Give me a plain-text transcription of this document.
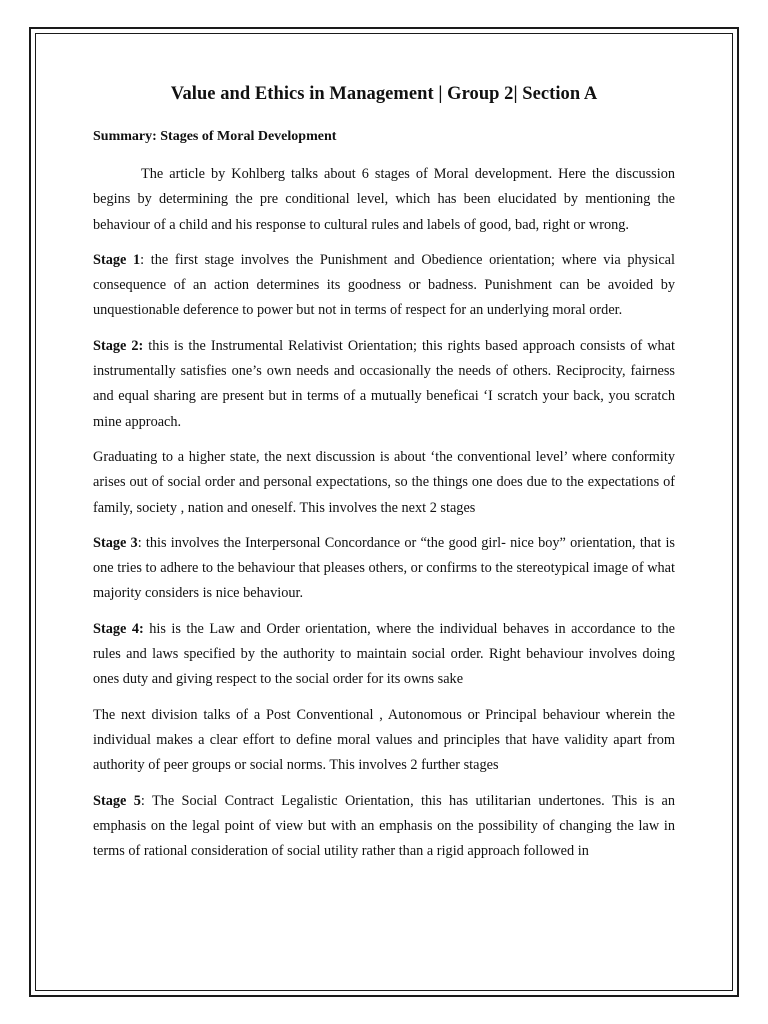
Value and Ethics in Management | Group 2| Section A
Summary: Stages of Moral Development

The article by Kohlberg talks about 6 stages of Moral development. Here the discussion begins by determining the pre conditional level, which has been elucidated by mentioning the behaviour of a child and his response to cultural rules and labels of good, bad, right or wrong.

Stage 1: the first stage involves the Punishment and Obedience orientation; where via physical consequence of an action determines its goodness or badness. Punishment can be avoided by unquestionable deference to power but not in terms of respect for an underlying moral order.

Stage 2: this is the Instrumental Relativist Orientation; this rights based approach consists of what instrumentally satisfies one’s own needs and occasionally the needs of others. Reciprocity, fairness and equal sharing are present but in terms of a mutually beneficai ‘I scratch your back, you scratch mine approach.

Graduating to a higher state, the next discussion is about ‘the conventional level’ where conformity arises out of social order and personal expectations, so the things one does due to the expectations of family, society , nation and oneself. This involves the next 2 stages

Stage 3: this involves the Interpersonal Concordance or “the good girl- nice boy” orientation, that is one tries to adhere to the behaviour that pleases others, or confirms to the stereotypical image of what majority considers is nice behaviour.

Stage 4: his is the Law and Order orientation, where the individual behaves in accordance to the rules and laws specified by the authority to maintain social order. Right behaviour involves doing ones duty and giving respect to the social order for its owns sake

The next division talks of a Post Conventional , Autonomous or Principal behaviour wherein the individual makes a clear effort to define moral values and principles that have validity apart from authority of peer groups or social norms. This involves 2 further stages

Stage 5: The Social Contract Legalistic Orientation, this has utilitarian undertones. This is an emphasis on the legal point of view but with an emphasis on the possibility of changing the law in terms of rational consideration of social utility rather than a rigid approach followed in
